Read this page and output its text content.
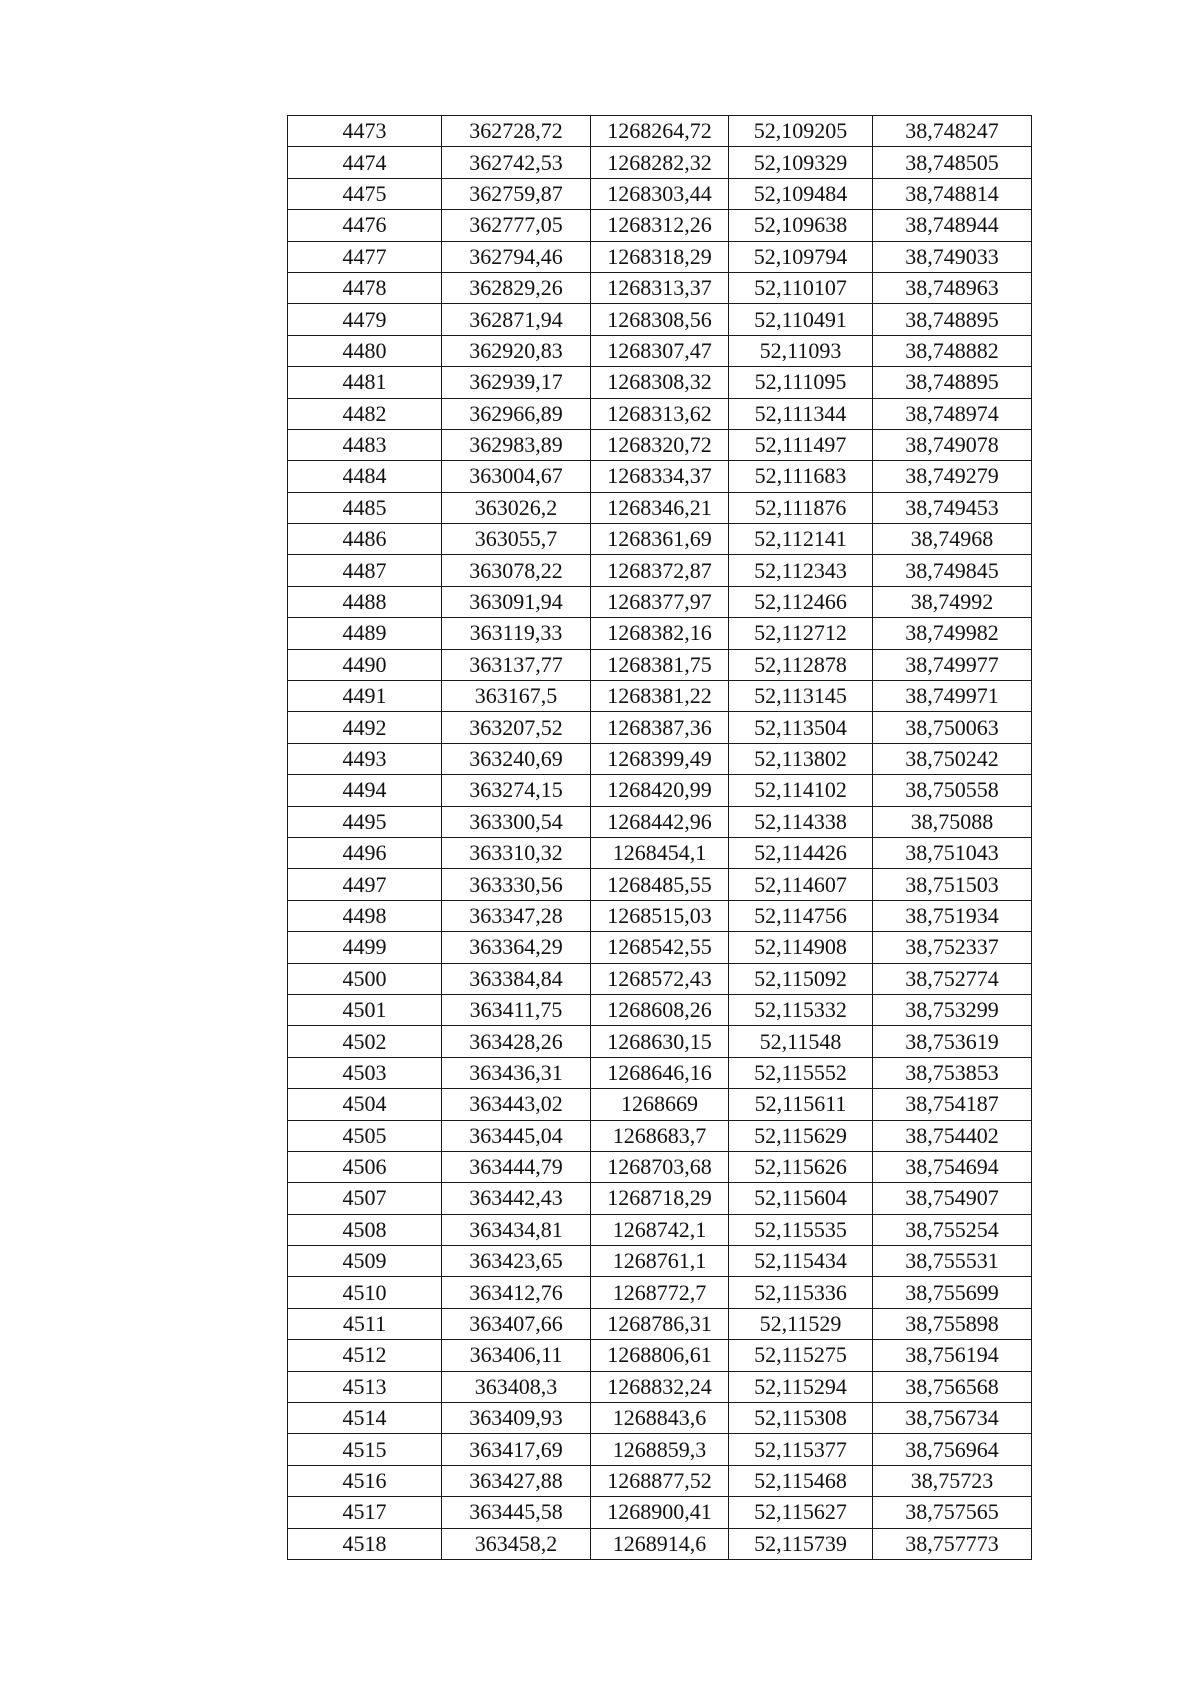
4473	362728,72	1268264,72	52,109205	38,748247
4474	362742,53	1268282,32	52,109329	38,748505
4475	362759,87	1268303,44	52,109484	38,748814
4476	362777,05	1268312,26	52,109638	38,748944
4477	362794,46	1268318,29	52,109794	38,749033
4478	362829,26	1268313,37	52,110107	38,748963
4479	362871,94	1268308,56	52,110491	38,748895
4480	362920,83	1268307,47	52,11093	38,748882
4481	362939,17	1268308,32	52,111095	38,748895
4482	362966,89	1268313,62	52,111344	38,748974
4483	362983,89	1268320,72	52,111497	38,749078
4484	363004,67	1268334,37	52,111683	38,749279
4485	363026,2	1268346,21	52,111876	38,749453
4486	363055,7	1268361,69	52,112141	38,74968
4487	363078,22	1268372,87	52,112343	38,749845
4488	363091,94	1268377,97	52,112466	38,74992
4489	363119,33	1268382,16	52,112712	38,749982
4490	363137,77	1268381,75	52,112878	38,749977
4491	363167,5	1268381,22	52,113145	38,749971
4492	363207,52	1268387,36	52,113504	38,750063
4493	363240,69	1268399,49	52,113802	38,750242
4494	363274,15	1268420,99	52,114102	38,750558
4495	363300,54	1268442,96	52,114338	38,75088
4496	363310,32	1268454,1	52,114426	38,751043
4497	363330,56	1268485,55	52,114607	38,751503
4498	363347,28	1268515,03	52,114756	38,751934
4499	363364,29	1268542,55	52,114908	38,752337
4500	363384,84	1268572,43	52,115092	38,752774
4501	363411,75	1268608,26	52,115332	38,753299
4502	363428,26	1268630,15	52,11548	38,753619
4503	363436,31	1268646,16	52,115552	38,753853
4504	363443,02	1268669	52,115611	38,754187
4505	363445,04	1268683,7	52,115629	38,754402
4506	363444,79	1268703,68	52,115626	38,754694
4507	363442,43	1268718,29	52,115604	38,754907
4508	363434,81	1268742,1	52,115535	38,755254
4509	363423,65	1268761,1	52,115434	38,755531
4510	363412,76	1268772,7	52,115336	38,755699
4511	363407,66	1268786,31	52,11529	38,755898
4512	363406,11	1268806,61	52,115275	38,756194
4513	363408,3	1268832,24	52,115294	38,756568
4514	363409,93	1268843,6	52,115308	38,756734
4515	363417,69	1268859,3	52,115377	38,756964
4516	363427,88	1268877,52	52,115468	38,75723
4517	363445,58	1268900,41	52,115627	38,757565
4518	363458,2	1268914,6	52,115739	38,757773
